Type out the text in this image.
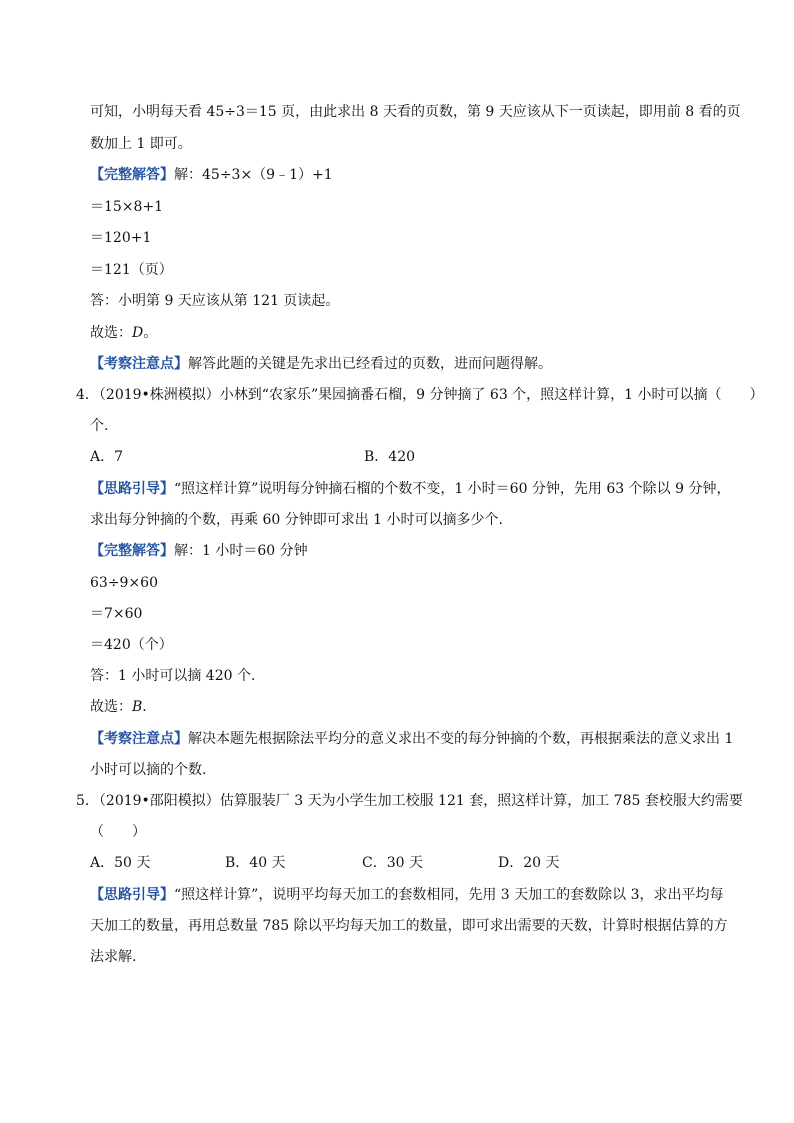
可知，小明每天看 45÷3＝15 页，由此求出 8 天看的页数，第 9 天应该从下一页读起，即用前 8 看的页
数加上 1 即可。
【完整解答】解：45÷3×（9﹣1）+1
＝15×8+1
＝120+1
＝121（页）
答：小明第 9 天应该从第 121 页读起。
故选：D。
【考察注意点】解答此题的关键是先求出已经看过的页数，进而问题得解。
4．（2019•株洲模拟）小林到“农家乐”果园摘番石榴，9 分钟摘了 63 个，照这样计算，1 小时可以摘（　　）
个.
A．7	B．420
【思路引导】“照这样计算”说明每分钟摘石榴的个数不变，1 小时＝60 分钟，先用 63 个除以 9 分钟，
求出每分钟摘的个数，再乘 60 分钟即可求出 1 小时可以摘多少个.
【完整解答】解：1 小时＝60 分钟
63÷9×60
＝7×60
＝420（个）
答：1 小时可以摘 420 个.
故选：B.
【考察注意点】解决本题先根据除法平均分的意义求出不变的每分钟摘的个数，再根据乘法的意义求出 1
小时可以摘的个数.
5．（2019•邵阳模拟）估算服装厂 3 天为小学生加工校服 121 套，照这样计算，加工 785 套校服大约需要
（　　）
A．50 天	B．40 天	C．30 天	D．20 天
【思路引导】“照这样计算”，说明平均每天加工的套数相同，先用 3 天加工的套数除以 3，求出平均每
天加工的数量，再用总数量 785 除以平均每天加工的数量，即可求出需要的天数，计算时根据估算的方
法求解.
